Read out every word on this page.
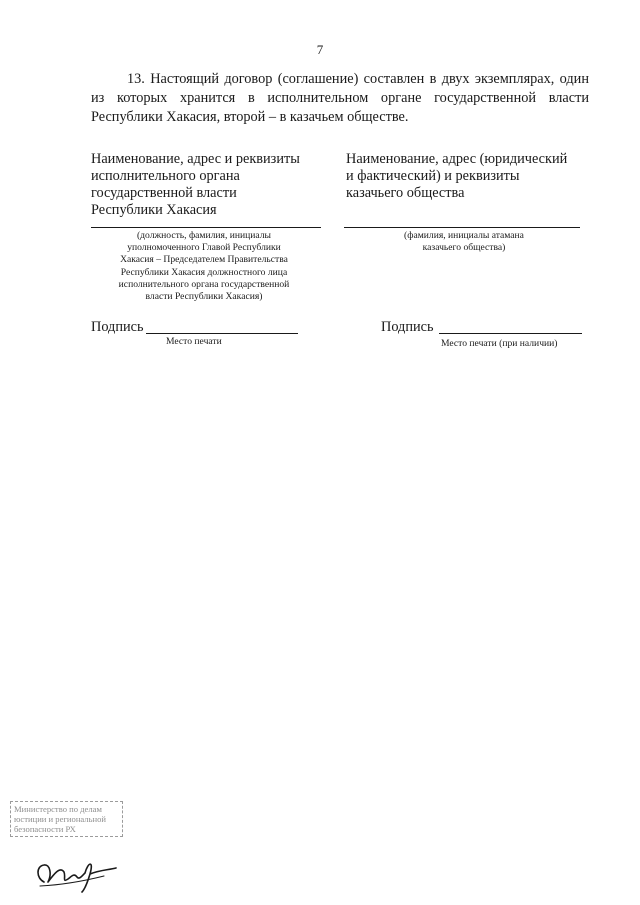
7

13. Настоящий договор (соглашение) составлен в двух экземплярах, один из которых хранится в исполнительном органе государственной власти Республики Хакасия, второй – в казачьем обществе.

Наименование, адрес и реквизиты
исполнительного органа
государственной власти
Республики Хакасия
Наименование, адрес (юридический
и фактический) и реквизиты
казачьего общества
(должность, фамилия, инициалы
уполномоченного Главой Республики
Хакасия – Председателем Правительства
Республики Хакасия должностного лица
исполнительного органа государственной
власти Республики Хакасия)
(фамилия, инициалы атамана
казачьего общества)
Подпись
Место печати
Подпись
Место печати (при наличии)
Министерство по делам
юстиции и региональной
безопасности РХ
